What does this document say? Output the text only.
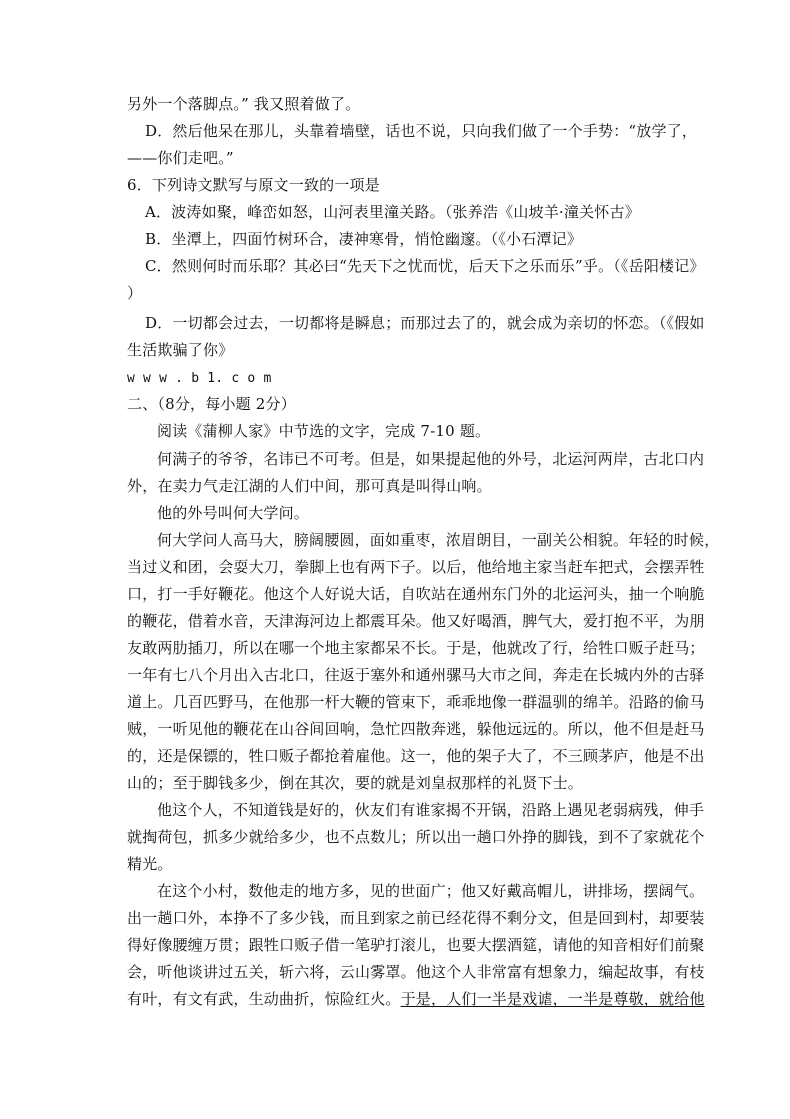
另外一个落脚点。” 我又照着做了。
D．然后他呆在那儿，头靠着墙壁，话也不说，只向我们做了一个手势：“放学了，
——你们走吧。”
6．下列诗文默写与原文一致的一项是
A．波涛如聚，峰峦如怒，山河表里潼关路。（张养浩《山坡羊·潼关怀古》
B．坐潭上，四面竹树环合，凄神寒骨，悄怆幽邃。（《小石潭记》
C．然则何时而乐耶？其必曰“先天下之忧而忧，后天下之乐而乐”乎。（《岳阳楼记》
）
D．一切都会过去，一切都将是瞬息；而那过去了的，就会成为亲切的怀恋。（《假如
生活欺骗了你》
w w w . b 1. c o m
二、（8分，每小题 2分）
阅读《蒲柳人家》中节选的文字，完成 7-10 题。
何满子的爷爷，名讳已不可考。但是，如果提起他的外号，北运河两岸，古北口内
外，在卖力气走江湖的人们中间，那可真是叫得山响。
他的外号叫何大学问。
何大学问人高马大，膀阔腰圆，面如重枣，浓眉朗目，一副关公相貌。年轻的时候，
当过义和团，会耍大刀，拳脚上也有两下子。以后，他给地主家当赶车把式，会摆弄牲
口，打一手好鞭花。他这个人好说大话，自吹站在通州东门外的北运河头，抽一个响脆
的鞭花，借着水音，天津海河边上都震耳朵。他又好喝酒，脾气大，爱打抱不平，为朋
友敢两肋插刀，所以在哪一个地主家都呆不长。于是，他就改了行，给牲口贩子赶马；
一年有七八个月出入古北口，往返于塞外和通州骡马大市之间，奔走在长城内外的古驿
道上。几百匹野马，在他那一杆大鞭的管束下，乖乖地像一群温驯的绵羊。沿路的偷马
贼，一听见他的鞭花在山谷间回响，急忙四散奔逃，躲他远远的。所以，他不但是赶马
的，还是保镖的，牲口贩子都抢着雇他。这一，他的架子大了，不三顾茅庐，他是不出
山的；至于脚钱多少，倒在其次，要的就是刘皇叔那样的礼贤下士。
他这个人，不知道钱是好的，伙友们有谁家揭不开锅，沿路上遇见老弱病残，伸手
就掏荷包，抓多少就给多少，也不点数儿；所以出一趟口外挣的脚钱，到不了家就花个
精光。
在这个小村，数他走的地方多，见的世面广；他又好戴高帽儿，讲排场，摆阔气。
出一趟口外，本挣不了多少钱，而且到家之前已经花得不剩分文，但是回到村，却要装
得好像腰缠万贯；跟牲口贩子借一笔驴打滚儿，也要大摆酒筵，请他的知音相好们前聚
会，听他谈讲过五关，斩六将，云山雾罩。他这个人非常富有想象力，编起故事，有枝
有叶，有文有武，生动曲折，惊险红火。于是，人们一半是戏谑，一半是尊敬，就给他
